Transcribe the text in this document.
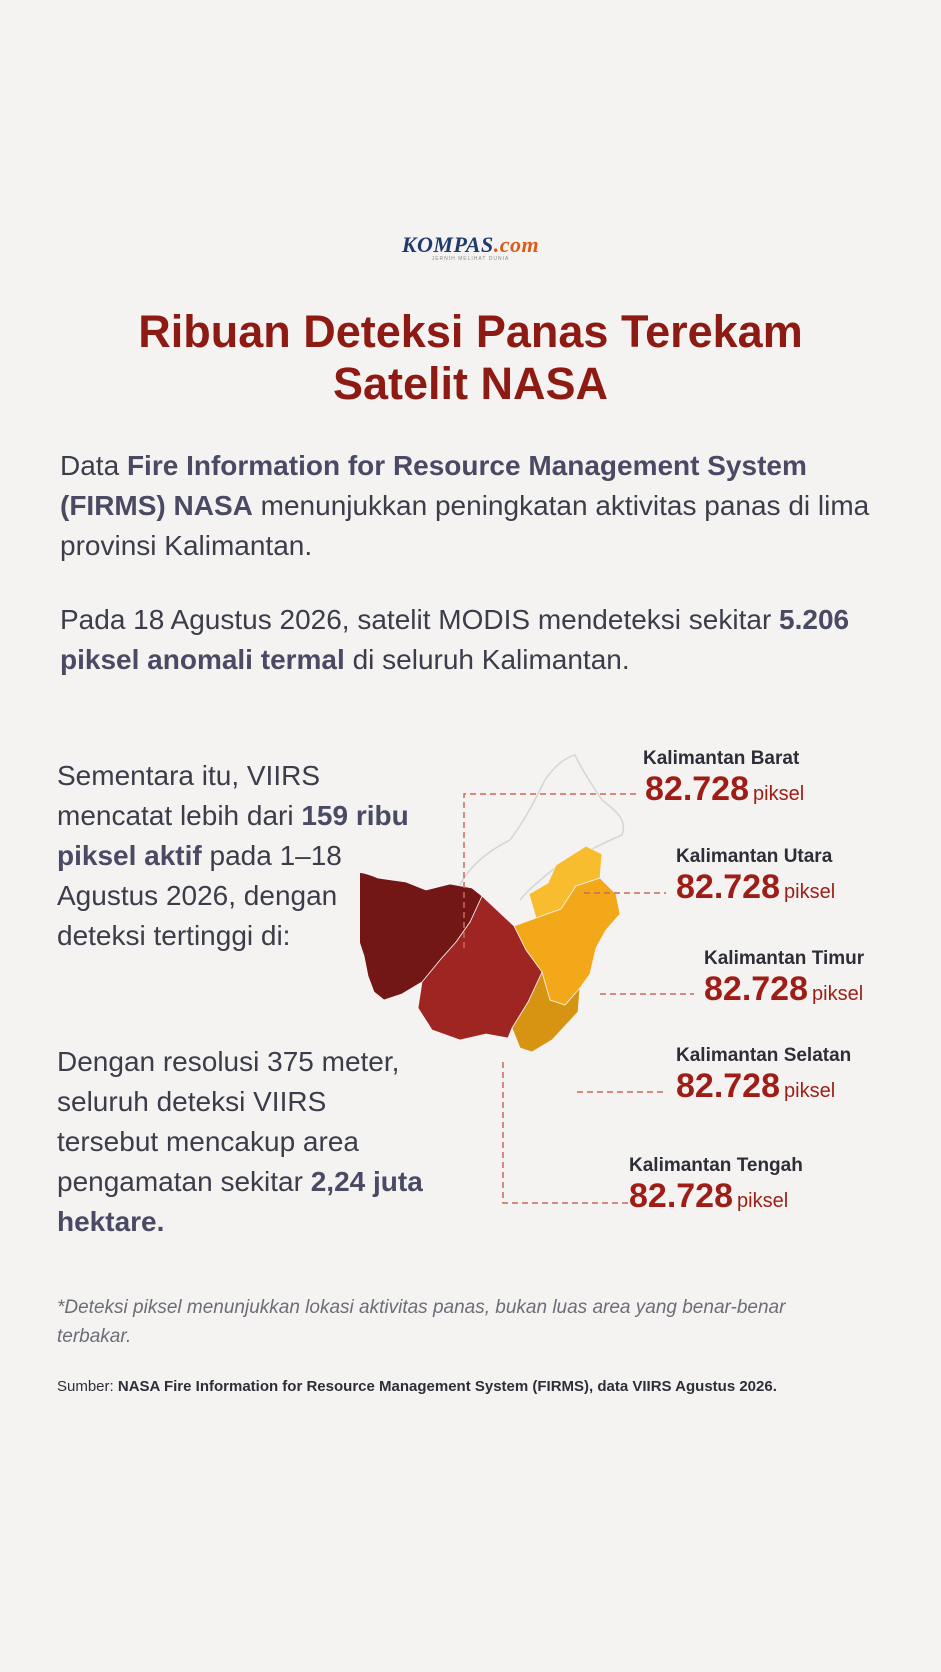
KOMPAS.com
JERNIH MELIHAT DUNIA
Ribuan Deteksi Panas Terekam
Satelit NASA
Data Fire Information for Resource Management System (FIRMS) NASA menunjukkan peningkatan aktivitas panas di lima provinsi Kalimantan.
Pada 18 Agustus 2026, satelit MODIS mendeteksi sekitar 5.206 piksel anomali termal di seluruh Kalimantan.
Sementara itu, VIIRS mencatat lebih dari 159 ribu piksel aktif pada 1–18 Agustus 2026, dengan deteksi tertinggi di:
Dengan resolusi 375 meter, seluruh deteksi VIIRS tersebut mencakup area pengamatan sekitar 2,24 juta hektare.
Kalimantan Barat
82.728 piksel
Kalimantan Utara
82.728 piksel
Kalimantan Timur
82.728 piksel
Kalimantan Selatan
82.728 piksel
Kalimantan Tengah
82.728 piksel
*Deteksi piksel menunjukkan lokasi aktivitas panas, bukan luas area yang benar-benar terbakar.
Sumber: NASA Fire Information for Resource Management System (FIRMS), data VIIRS Agustus 2026.
